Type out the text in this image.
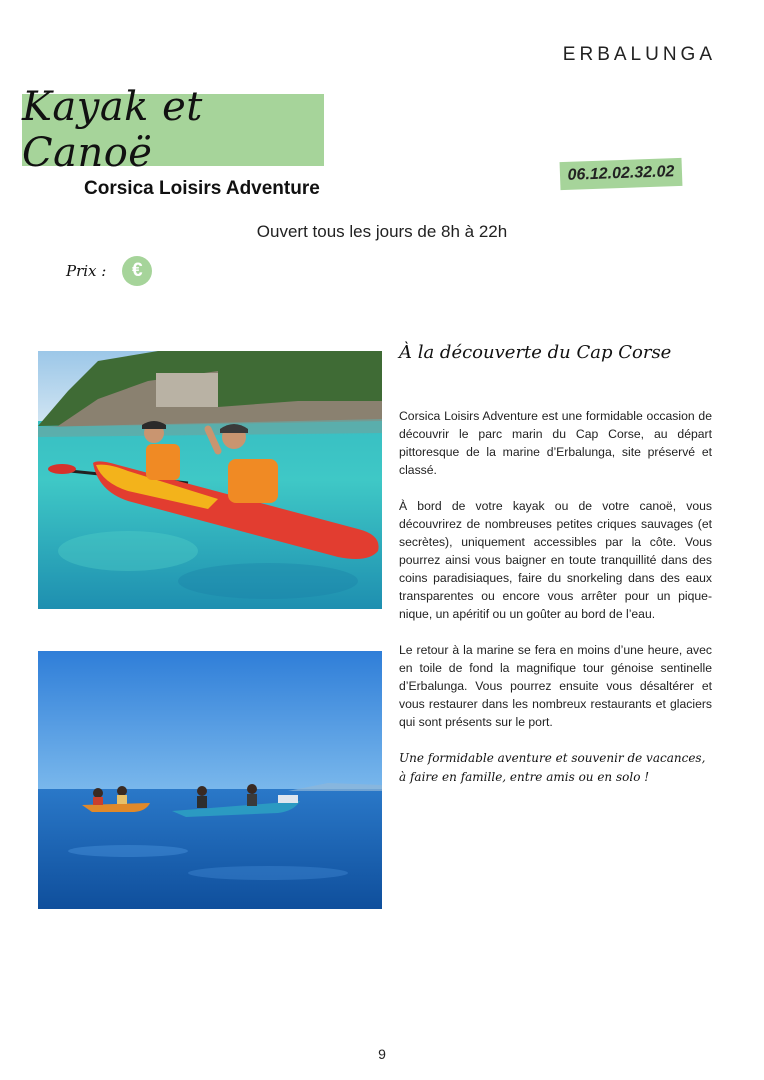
ERBALUNGA
Kayak et Canoë
Corsica Loisirs Adventure
06.12.02.32.02
Ouvert tous les jours de 8h à 22h
Prix : €
À la découverte du Cap Corse

Corsica Loisirs Adventure est une formidable occasion de découvrir le parc marin du Cap Corse, au départ pittoresque de la marine d’Erbalunga, site préservé et classé.

À bord de votre kayak ou de votre canoë, vous découvrirez de nombreuses petites criques sauvages (et secrètes), uniquement accessibles par la côte. Vous pourrez ainsi vous baigner en toute tranquillité dans des coins paradisiaques, faire du snorkeling dans des eaux transparentes ou encore vous arrêter pour un pique-nique, un apéritif ou un goûter au bord de l’eau.

Le retour à la marine se fera en moins d’une heure, avec en toile de fond la magnifique tour génoise sentinelle d’Erbalunga. Vous pourrez ensuite vous désaltérer et vous restaurer dans les nombreux restaurants et glaciers qui sont présents sur le port.

Une formidable aventure et souvenir de vacances, à faire en famille, entre amis ou en solo !

9
